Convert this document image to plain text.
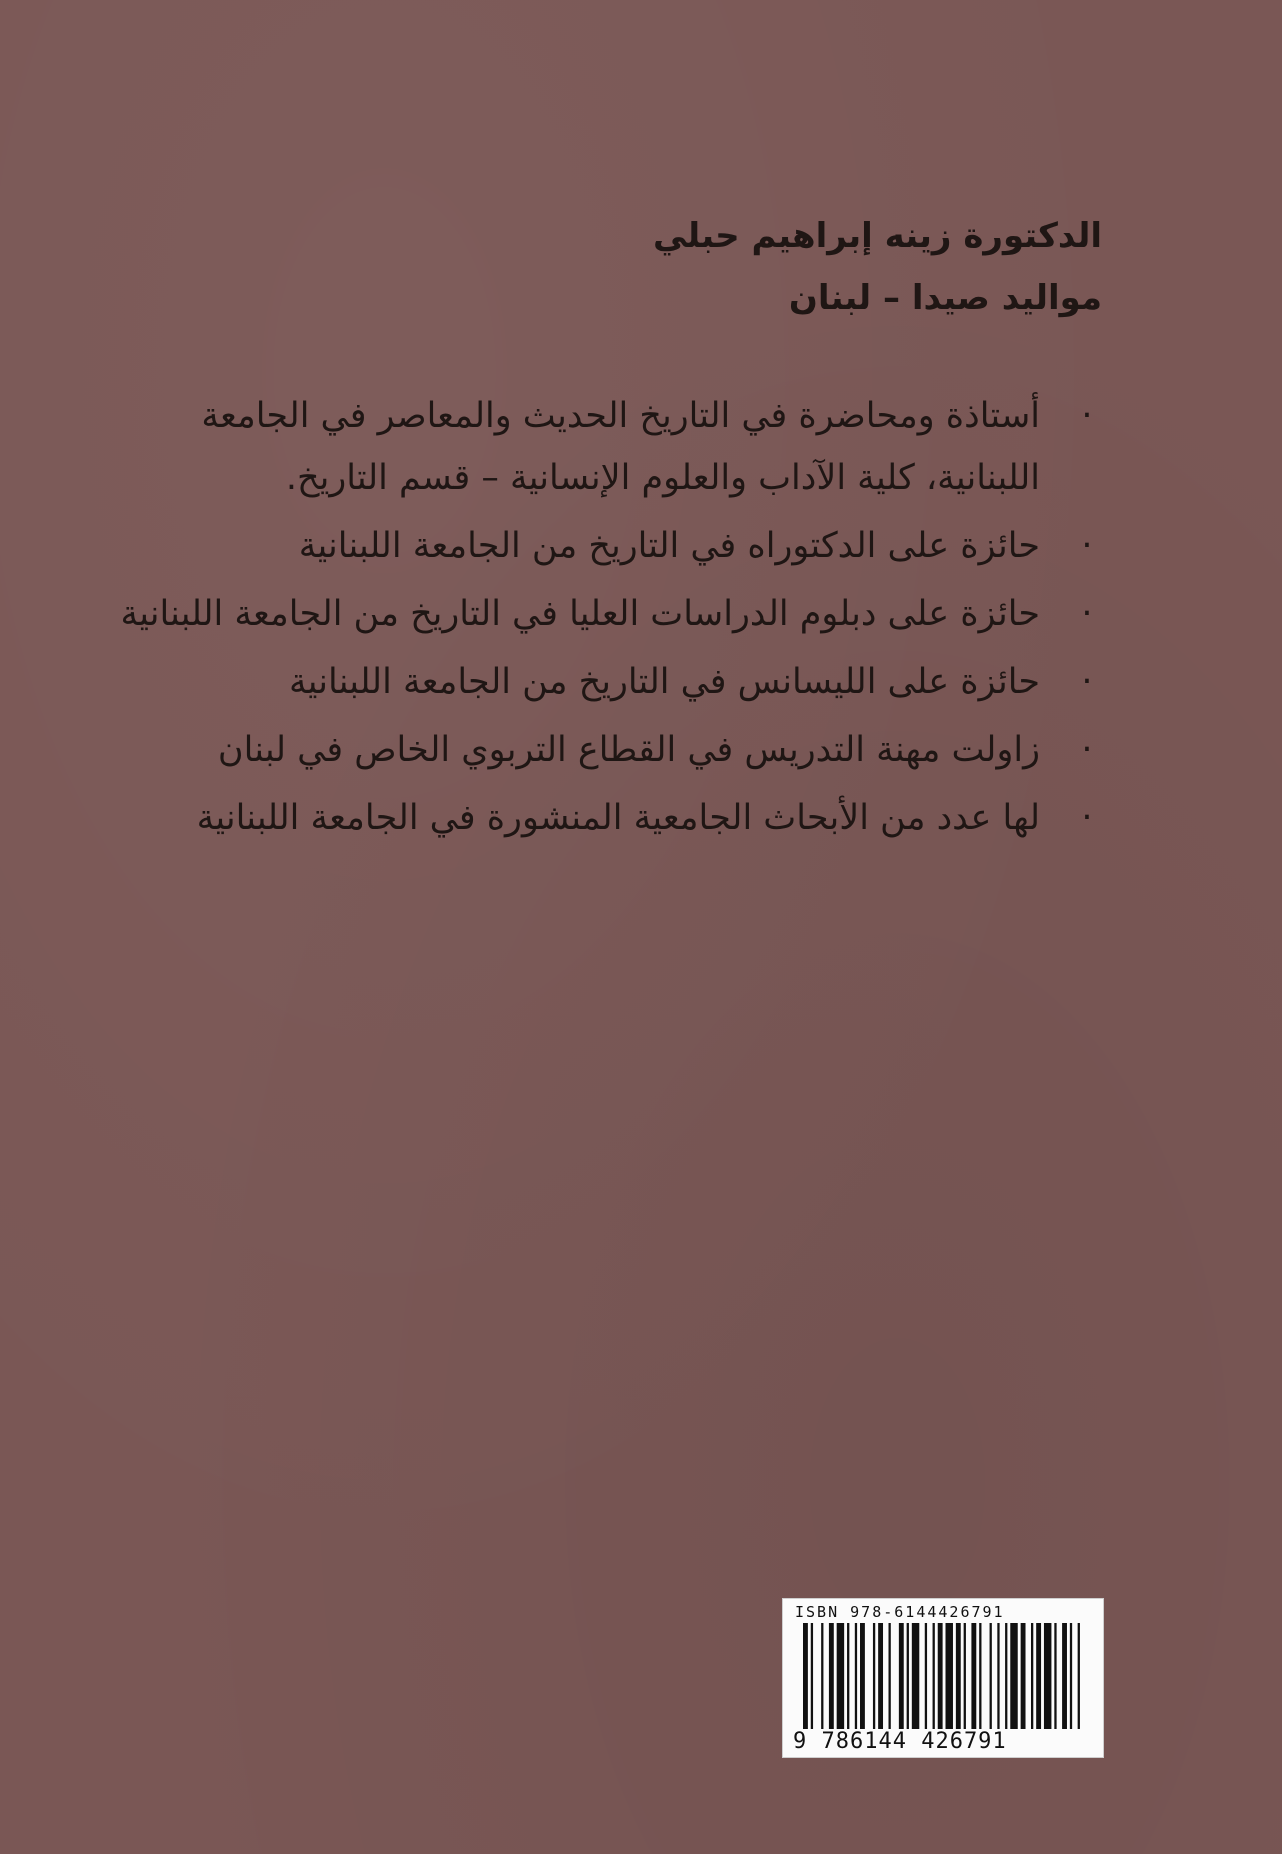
الدكتورة زينه إبراهيم حبلي
مواليد صيدا – لبنان
·
أستاذة ومحاضرة في التاريخ الحديث والمعاصر في الجامعة اللبنانية، كلية الآداب والعلوم الإنسانية – قسم التاريخ.
·
حائزة على الدكتوراه في التاريخ من الجامعة اللبنانية
·
حائزة على دبلوم الدراسات العليا في التاريخ من الجامعة اللبنانية
·
حائزة على الليسانس في التاريخ من الجامعة اللبنانية
·
زاولت مهنة التدريس في القطاع التربوي الخاص في لبنان
·
لها عدد من الأبحاث الجامعية المنشورة في الجامعة اللبنانية
ISBN 978-6144426791
9 786144 426791
